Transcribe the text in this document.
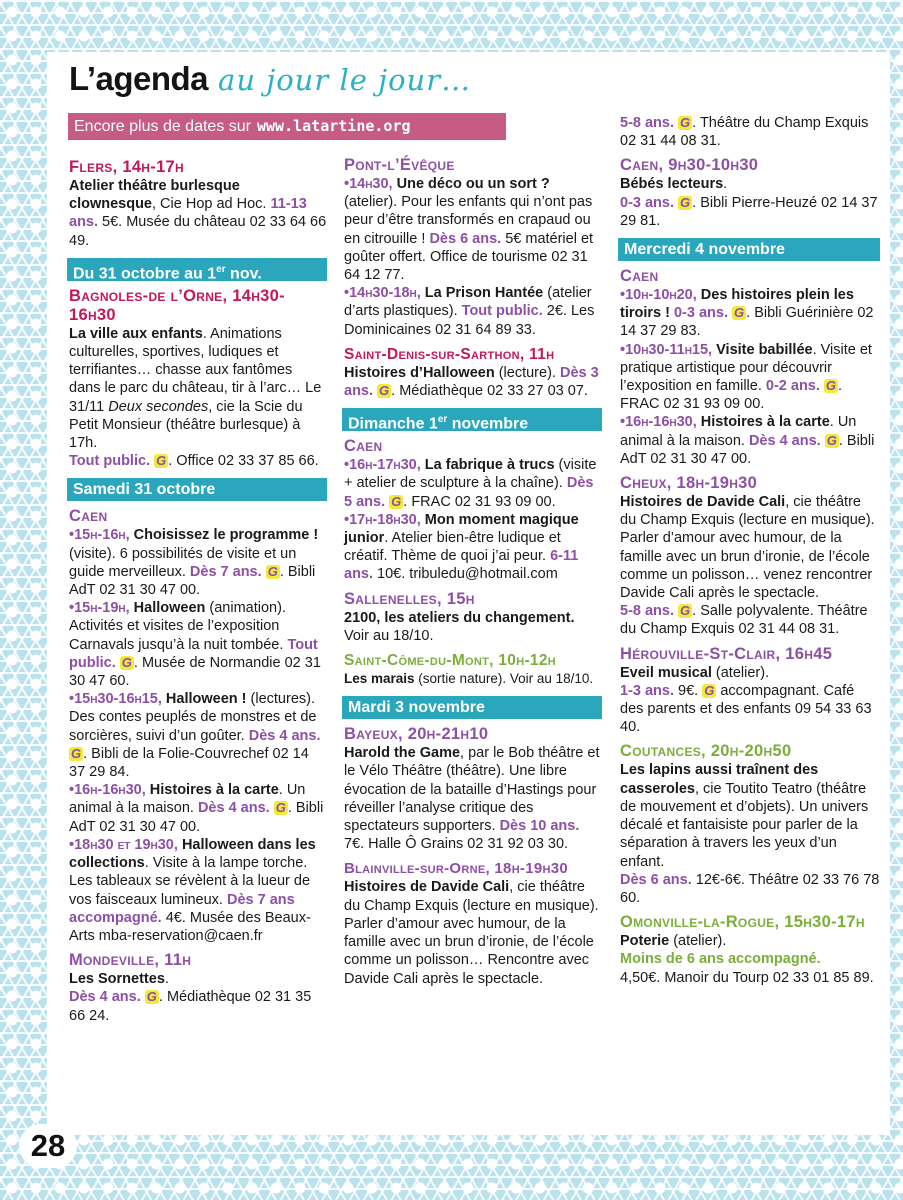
L’agenda au jour le jour…
Encore plus de dates sur www.latartine.org
Flers, 14h-17h

Atelier théâtre burlesque clownesque, Cie Hop ad Hoc. 11-13 ans. 5€. Musée du château 02 33 64 66 49.

Du 31 octobre au 1er nov.
Bagnoles-de l’Orne, 14h30-16h30

La ville aux enfants. Animations culturelles, sportives, ludiques et terrifiantes… chasse aux fantômes dans le parc du château, tir à l’arc… Le 31/11 Deux secondes, cie la Scie du Petit Monsieur (théâtre burlesque) à 17h.
Tout public. G . Office 02 33 37 85 66.

Samedi 31 octobre
Caen

•15h-16h, Choisissez le programme ! (visite). 6 possibilités de visite et un guide merveilleux. Dès 7 ans. G . Bibli AdT 02 31 30 47 00.

•15h-19h, Halloween (animation). Activités et visites de l’exposition Carnavals jusqu’à la nuit tombée. Tout public. G . Musée de Normandie 02 31 30 47 60.

•15h30-16h15, Halloween ! (lectures). Des contes peuplés de monstres et de sorcières, suivi d’un goûter. Dès 4 ans. G . Bibli de la Folie-Couvrechef 02 14 37 29 84.

•16h-16h30, Histoires à la carte. Un animal à la maison. Dès 4 ans. G . Bibli AdT 02 31 30 47 00.

•18h30 et 19h30, Halloween dans les collections. Visite à la lampe torche. Les tableaux se révèlent à la lueur de vos faisceaux lumineux. Dès 7 ans accompagné. 4€. Musée des Beaux-Arts mba-reservation@caen.fr

Mondeville, 11h

Les Sornettes.
Dès 4 ans. G . Médiathèque 02 31 35 66 24.

Pont-l’Évêque

•14h30, Une déco ou un sort ? (atelier). Pour les enfants qui n’ont pas peur d’être transformés en crapaud ou en citrouille ! Dès 6 ans. 5€ matériel et goûter offert. Office de tourisme 02 31 64 12 77.

•14h30-18h, La Prison Hantée (atelier d’arts plastiques). Tout public. 2€. Les Dominicaines 02 31 64 89 33.

Saint-Denis-sur-Sarthon, 11h

Histoires d’Halloween (lecture). Dès 3 ans. G . Médiathèque 02 33 27 03 07.

Dimanche 1er novembre
Caen

•16h-17h30, La fabrique à trucs (visite + atelier de sculpture à la chaîne). Dès 5 ans. G . FRAC 02 31 93 09 00.

•17h-18h30, Mon moment magique junior. Atelier bien-être ludique et créatif. Thème de quoi j’ai peur. 6-11 ans. 10€. tribuledu@hotmail.com

Sallenelles, 15h

2100, les ateliers du changement. Voir au 18/10.

Saint-Côme-du-Mont, 10h-12h

Les marais (sortie nature). Voir au 18/10.

Mardi 3 novembre
Bayeux, 20h-21h10

Harold the Game, par le Bob théâtre et le Vélo Théâtre (théâtre). Une libre évocation de la bataille d’Hastings pour réveiller l’analyse critique des spectateurs supporters. Dès 10 ans. 7€. Halle Ô Grains 02 31 92 03 30.

Blainville-sur-Orne, 18h-19h30

Histoires de Davide Cali, cie théâtre du Champ Exquis (lecture en musique).
Parler d’amour avec humour, de la famille avec un brun d’ironie, de l’école comme un polisson… Rencontre avec Davide Cali après le spectacle.

5-8 ans. G . Théâtre du Champ Exquis 02 31 44 08 31.

Caen, 9h30-10h30

Bébés lecteurs.
0-3 ans. G . Bibli Pierre-Heuzé 02 14 37 29 81.

Mercredi 4 novembre
Caen

•10h-10h20, Des histoires plein les tiroirs ! 0-3 ans. G . Bibli Guérinière 02 14 37 29 83.

•10h30-11h15, Visite babillée. Visite et pratique artistique pour découvrir l’exposition en famille. 0-2 ans. G . FRAC 02 31 93 09 00.

•16h-16h30, Histoires à la carte. Un animal à la maison. Dès 4 ans. G . Bibli AdT 02 31 30 47 00.

Cheux, 18h-19h30

Histoires de Davide Cali, cie théâtre du Champ Exquis (lecture en musique).
Parler d’amour avec humour, de la famille avec un brun d’ironie, de l’école comme un polisson… venez rencontrer Davide Cali après le spectacle.
5-8 ans. G . Salle polyvalente. Théâtre du Champ Exquis 02 31 44 08 31.

Hérouville-St-Clair, 16h45

Eveil musical (atelier).
1-3 ans. 9€. G accompagnant. Café des parents et des enfants 09 54 33 63 40.

Coutances, 20h-20h50

Les lapins aussi traînent des casseroles, cie Toutito Teatro (théâtre de mouvement et d’objets). Un univers décalé et fantaisiste pour parler de la séparation à travers les yeux d’un enfant.
Dès 6 ans. 12€-6€. Théâtre 02 33 76 78 60.

Omonville-la-Rogue, 15h30-17h

Poterie (atelier).
Moins de 6 ans accompagné.
4,50€. Manoir du Tourp 02 33 01 85 89.

28
